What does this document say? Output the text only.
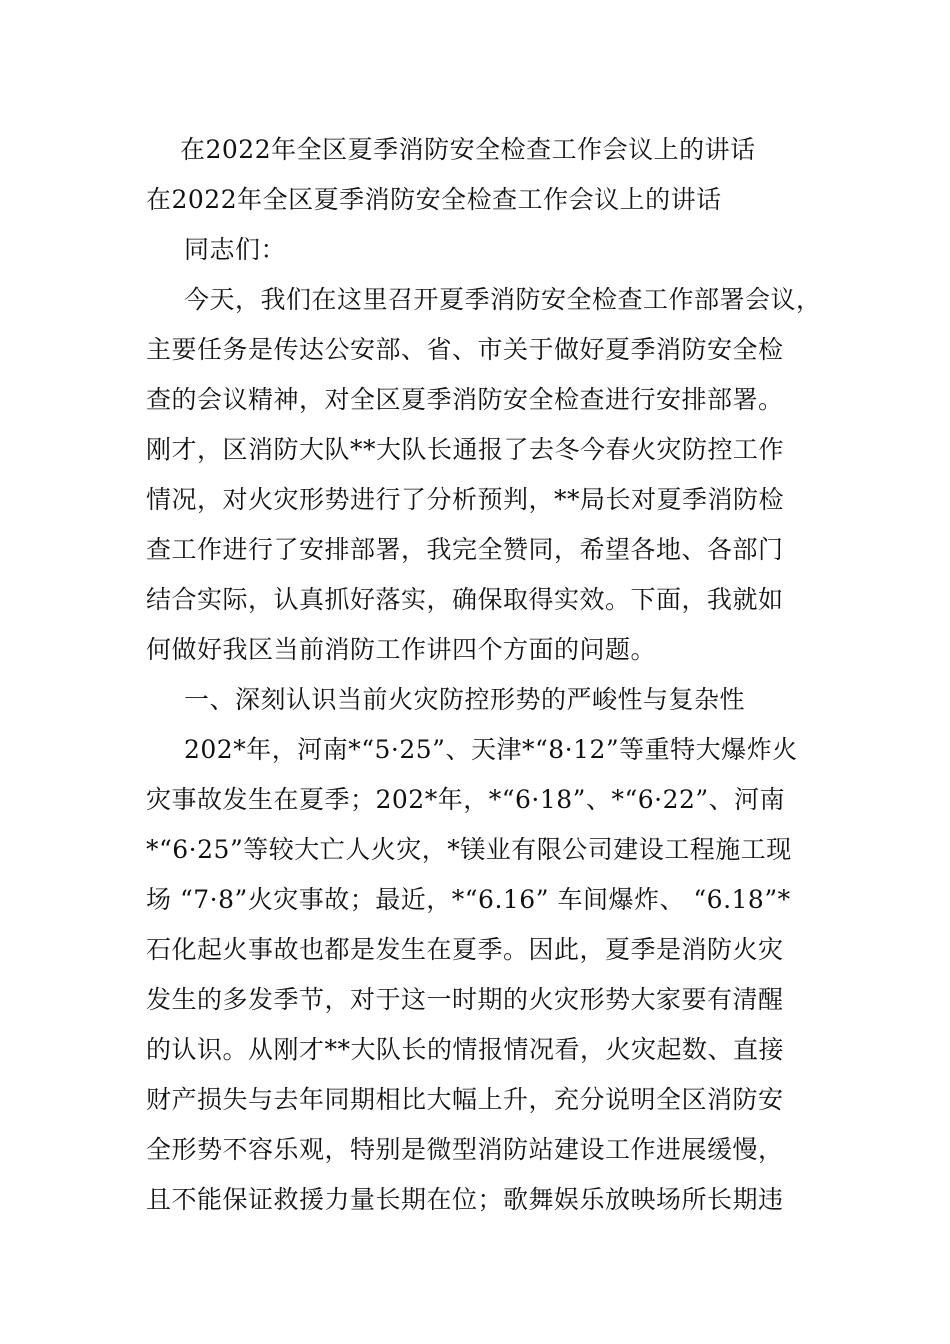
在2022年全区夏季消防安全检查工作会议上的讲话
在2022年全区夏季消防安全检查工作会议上的讲话
同志们：
今天，我们在这里召开夏季消防安全检查工作部署会议，
主要任务是传达公安部、省、市关于做好夏季消防安全检
查的会议精神，对全区夏季消防安全检查进行安排部署。
刚才，区消防大队**大队长通报了去冬今春火灾防控工作
情况，对火灾形势进行了分析预判，**局长对夏季消防检
查工作进行了安排部署，我完全赞同，希望各地、各部门
结合实际，认真抓好落实，确保取得实效。下面，我就如
何做好我区当前消防工作讲四个方面的问题。
一、深刻认识当前火灾防控形势的严峻性与复杂性
202*年，河南*“5·25”、天津*“8·12”等重特大爆炸火
灾事故发生在夏季；202*年，*“6·18”、*“6·22”、河南
*“6·25”等较大亡人火灾，*镁业有限公司建设工程施工现
场 “7·8”火灾事故；最近，*“6.16” 车间爆炸、 “6.18”*
石化起火事故也都是发生在夏季。因此，夏季是消防火灾
发生的多发季节，对于这一时期的火灾形势大家要有清醒
的认识。从刚才**大队长的情报情况看，火灾起数、直接
财产损失与去年同期相比大幅上升，充分说明全区消防安
全形势不容乐观，特别是微型消防站建设工作进展缓慢，
且不能保证救援力量长期在位；歌舞娱乐放映场所长期违
